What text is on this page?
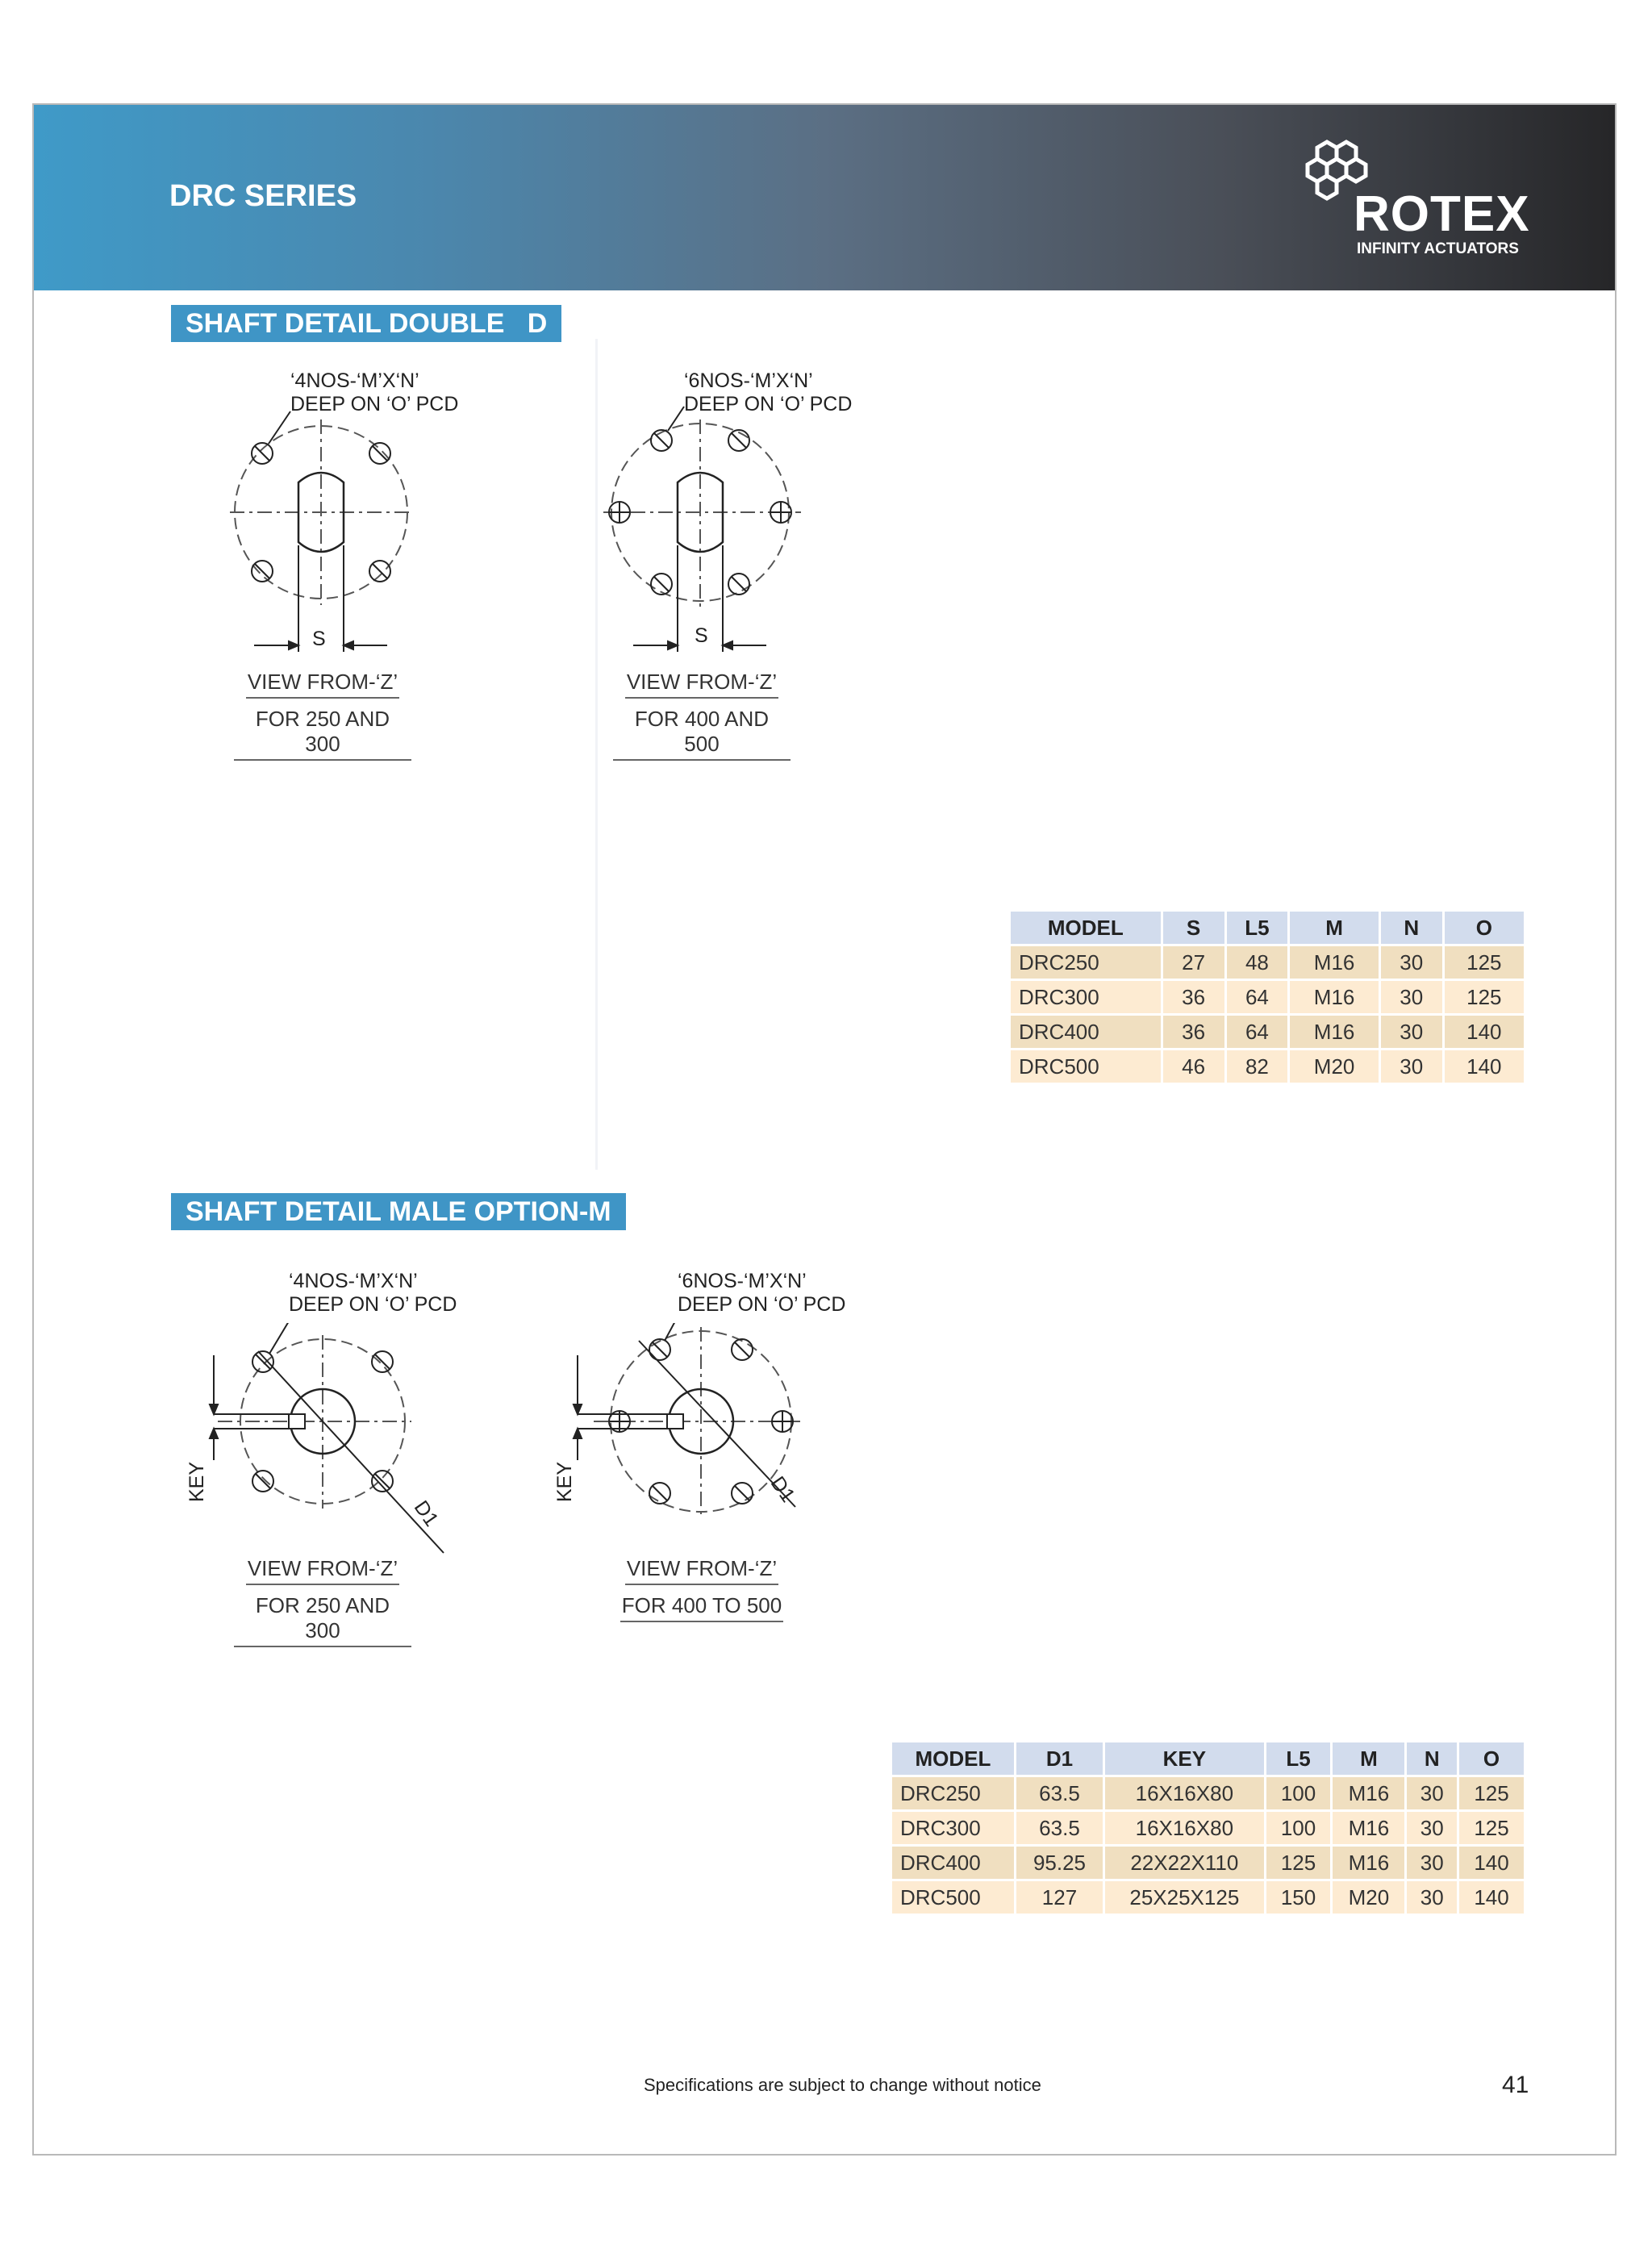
DRC SERIES	ROTEX
INFINITY ACTUATORS
SHAFT DETAIL DOUBLE   D
‘4NOS-‘M’X‘N’
DEEP ON ‘O’ PCD
S
VIEW FROM-‘Z’
FOR 250 AND 300
‘6NOS-‘M’X‘N’
DEEP ON ‘O’ PCD
S
VIEW FROM-‘Z’
FOR 400 AND 500
MODEL	S	L5	M	N	O
DRC250	27	48	M16	30	125
DRC300	36	64	M16	30	125
DRC400	36	64	M16	30	140
DRC500	46	82	M20	30	140
SHAFT DETAIL MALE OPTION-M
‘4NOS-‘M’X‘N’
DEEP ON ‘O’ PCD
KEY
D1
VIEW FROM-‘Z’
FOR 250 AND 300
‘6NOS-‘M’X‘N’
DEEP ON ‘O’ PCD
KEY	D1
VIEW FROM-‘Z’
FOR 400 TO 500
MODEL	D1	KEY	L5	M	N	O
DRC250	63.5	16X16X80	100	M16	30	125
DRC300	63.5	16X16X80	100	M16	30	125
DRC400	95.25	22X22X110	125	M16	30	140
DRC500	127	25X25X125	150	M20	30	140
Specifications are subject to change without notice	41
